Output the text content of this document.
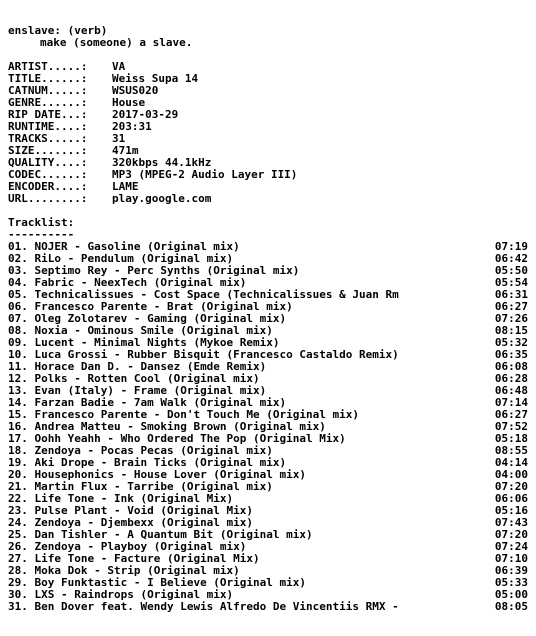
enslave: (verb)
make (someone) a slave.
ARTIST.....: VA
TITLE......: Weiss Supa 14
CATNUM.....: WSUS020
GENRE......: House
RIP DATE...: 2017-03-29
RUNTIME....: 203:31
TRACKS.....: 31
SIZE.......: 471m
QUALITY....: 320kbps 44.1kHz
CODEC......: MP3 (MPEG-2 Audio Layer III)
ENCODER....: LAME
URL........: play.google.com
Tracklist:
----------
01. NOJER - Gasoline (Original mix)	07:19
02. RiLo - Pendulum (Original mix)	06:42
03. Septimo Rey - Perc Synths (Original mix)	05:50
04. Fabric - NeexTech (Original mix)	05:54
05. Technicalissues - Cost Space (Technicalissues & Juan Rm	06:31
06. Francesco Parente - Brat (Original mix)	06:27
07. Oleg Zolotarev - Gaming (Original mix)	07:26
08. Noxia - Ominous Smile (Original mix)	08:15
09. Lucent - Minimal Nights (Mykoe Remix)	05:32
10. Luca Grossi - Rubber Bisquit (Francesco Castaldo Remix)	06:35
11. Horace Dan D. - Dansez (Emde Remix)	06:08
12. Polks - Rotten Cool (Original mix)	06:28
13. Evan (Italy) - Frame (Original mix)	06:48
14. Farzan Badie - 7am Walk (Original mix)	07:14
15. Francesco Parente - Don't Touch Me (Original mix)	06:27
16. Andrea Matteu - Smoking Brown (Original mix)	07:52
17. Oohh Yeahh - Who Ordered The Pop (Original Mix)	05:18
18. Zendoya - Pocas Pecas (Original mix)	08:55
19. Aki Drope - Brain Ticks (Original mix)	04:14
20. Housephonics - House Lover (Original mix)	04:00
21. Martin Flux - Tarribe (Original mix)	07:20
22. Life Tone - Ink (Original Mix)	06:06
23. Pulse Plant - Void (Original Mix)	05:16
24. Zendoya - Djembexx (Original mix)	07:43
25. Dan Tishler - A Quantum Bit (Original mix)	07:20
26. Zendoya - Playboy (Original mix)	07:24
27. Life Tone - Facture (Original Mix)	07:10
28. Moka Dok - Strip (Original mix)	06:39
29. Boy Funktastic - I Believe (Original mix)	05:33
30. LXS - Raindrops (Original mix)	05:00
31. Ben Dover feat. Wendy Lewis Alfredo De Vincentiis RMX -	08:05
